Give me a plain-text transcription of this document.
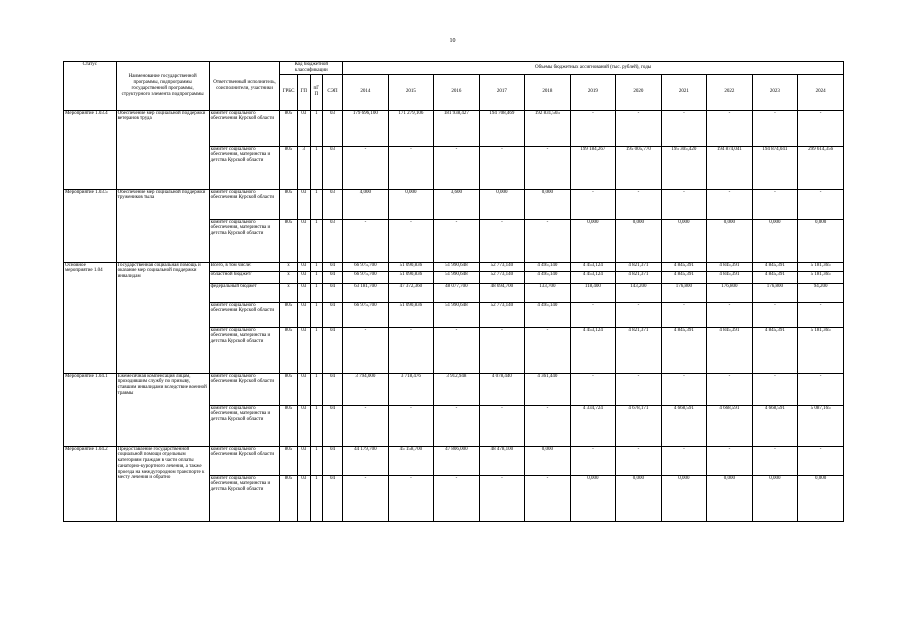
10
Статус	Наименование государственной программы, подпрограммы государственной программы, структурного элемента подпрограммы	Ответственный исполнитель, соисполнители, участники	Код бюджетной классификации				Объемы бюджетных ассигнований (тыс. рублей), годы										
			ГРБС	ГП	пГП	СЭП	2014	2015	2016	2017	2018	2019	2020	2021	2022	2023	2024
Мероприятие 1.03.4	Обеспечение мер социальной поддержки ветеранов труда	комитет социального обеспечения Курской области	805	03	1	03	179 696,100	171 279,106	181 938,427	194 708,469	192 831,565	-	-	-	-	-	-
		комитет социального обеспечения, материнства и детства Курской области	805	3	1	03	-	-	-	-	-	199 184,267	195 005,770	195 305,420	194 874,041	194 874,041	299 614,356
Мероприятие 1.03.5	Обеспечение мер социальной поддержки тружеников тыла	комитет социального обеспечения Курской области	805	03	1	03	4,000	0,000	3,600	0,000	0,000	-	-	-	-	-	-
		комитет социального обеспечения, материнства и детства Курской области	805	03	1	03	-	-	-	-	-	0,000	0,000	0,000	0,000	0,000	0,000
Основное мероприятие 1.04	Государственная социальная помощь и оказание мер социальной поддержки инвалидам	Всего, в том числе:	x	03	1	04	66 975,700	51 090,836	51 990,648	52 773,140	4 495,140	4 453,124	4 821,371	4 845,391	4 845,391	4 845,391	5 181,365
		областной бюджет/	x	03	1	04	66 975,700	51 090,836	51 990,648	52 773,140	4 495,140	4 453,124	4 821,371	4 845,391	4 845,391	4 845,391	5 181,365
		федеральный бюджет	x	03	1	04	63 181,700	47 372,360	48 077,700	48 694,700	133,700	118,400	143,200	176,800	176,800	176,800	94,200
		комитет социального обеспечения Курской области	805	03	1	04	66 975,700	51 090,836	51 990,648	52 773,140	4 495,140	-	-	-	-	-	-
		комитет социального обеспечения, материнства и детства Курской области	805	03	1	04	-	-	-	-	-	4 453,124	4 821,371	4 845,391	4 845,391	4 845,391	5 181,365
Мероприятие 1.04.1	Ежемесячная компенсация лицам, проходившим службу по призыву, ставшим инвалидами вследствие военной травмы	комитет социального обеспечения Курской области	805	03	1	04	3 794,000	3 718,476	3 912,948	4 078,440	4 361,440	-	-	-	-	-	-
		комитет социального обеспечения, материнства и детства Курской области	805	03	1	04	-	-	-	-	-	4 334,724	4 678,171	4 668,591	4 668,591	4 668,591	5 087,165
Мероприятие 1.04.2	Предоставление государственной социальной помощи отдельным категориям граждан в части оплаты санаторно-курортного лечения, а также проезда на междугородном транспорте к месту лечения и обратно	комитет социального обеспечения Курской области	805	03	1	04	44 179,700	45 158,700	47 806,000	48 478,100	0,000	-	-	-	-	-	-
		комитет социального обеспечения, материнства и детства Курской области	805	03	1	04	-	-	-	-	-	0,000	0,000	0,000	0,000	0,000	0,000
